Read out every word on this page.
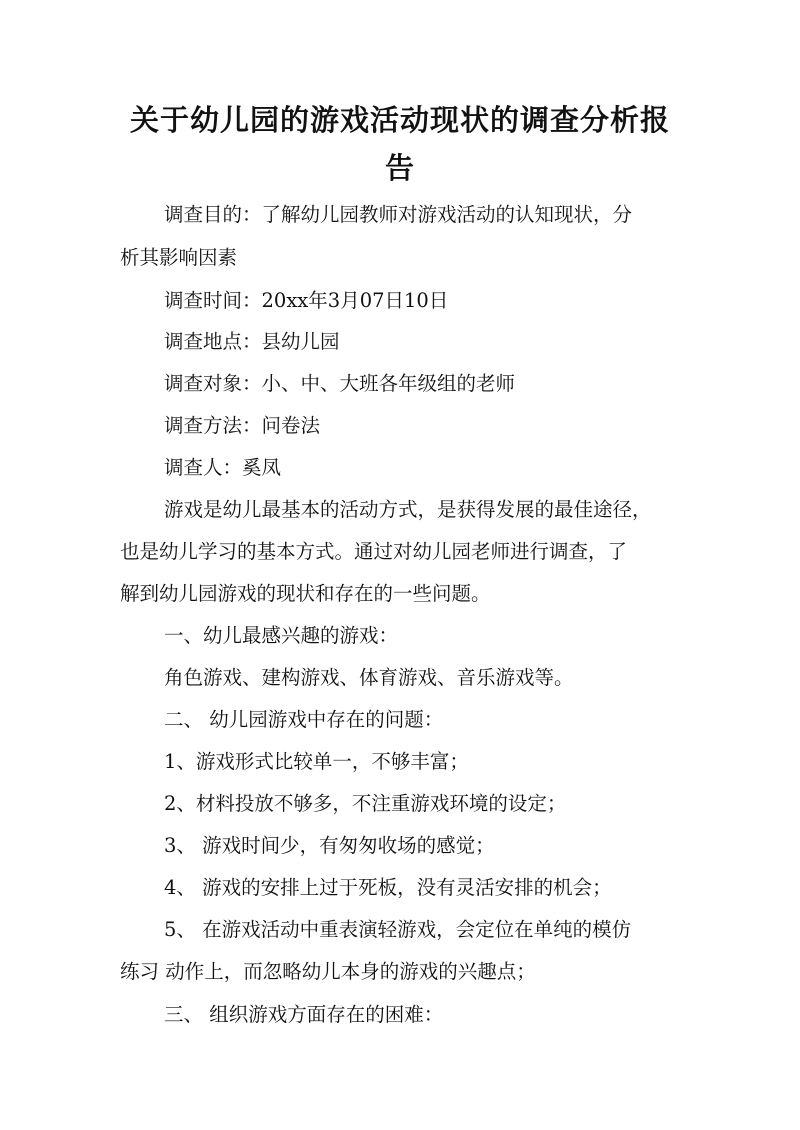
关于幼儿园的游戏活动现状的调查分析报告
调查目的：了解幼儿园教师对游戏活动的认知现状，分
析其影响因素
调查时间：20xx年3月07日10日
调查地点：县幼儿园
调查对象：小、中、大班各年级组的老师
调查方法：问卷法
调查人：奚凤
游戏是幼儿最基本的活动方式，是获得发展的最佳途径，
也是幼儿学习的基本方式。通过对幼儿园老师进行调查，了
解到幼儿园游戏的现状和存在的一些问题。
一、幼儿最感兴趣的游戏：
角色游戏、建构游戏、体育游戏、音乐游戏等。
二、 幼儿园游戏中存在的问题：
1、游戏形式比较单一，不够丰富；
2、材料投放不够多，不注重游戏环境的设定；
3、 游戏时间少，有匆匆收场的感觉；
4、 游戏的安排上过于死板，没有灵活安排的机会；
5、 在游戏活动中重表演轻游戏，会定位在单纯的模仿
练习 动作上，而忽略幼儿本身的游戏的兴趣点；
三、 组织游戏方面存在的困难：
